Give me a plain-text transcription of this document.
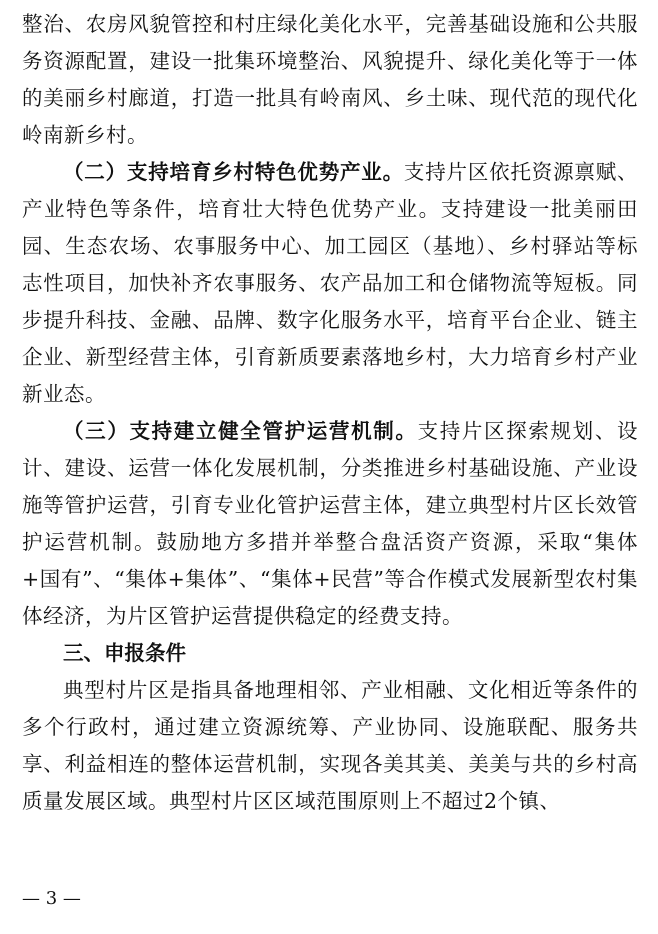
整治、农房风貌管控和村庄绿化美化水平，完善基础设施和公共服务资源配置，建设一批集环境整治、风貌提升、绿化美化等于一体的美丽乡村廊道，打造一批具有岭南风、乡土味、现代范的现代化岭南新乡村。

（二）支持培育乡村特色优势产业。支持片区依托资源禀赋、产业特色等条件，培育壮大特色优势产业。支持建设一批美丽田园、生态农场、农事服务中心、加工园区（基地）、乡村驿站等标志性项目，加快补齐农事服务、农产品加工和仓储物流等短板。同步提升科技、金融、品牌、数字化服务水平，培育平台企业、链主企业、新型经营主体，引育新质要素落地乡村，大力培育乡村产业新业态。

（三）支持建立健全管护运营机制。支持片区探索规划、设计、建设、运营一体化发展机制，分类推进乡村基础设施、产业设施等管护运营，引育专业化管护运营主体，建立典型村片区长效管护运营机制。鼓励地方多措并举整合盘活资产资源，采取“集体+国有”、“集体+集体”、“集体+民营”等合作模式发展新型农村集体经济，为片区管护运营提供稳定的经费支持。

三、申报条件

典型村片区是指具备地理相邻、产业相融、文化相近等条件的多个行政村，通过建立资源统筹、产业协同、设施联配、服务共享、利益相连的整体运营机制，实现各美其美、美美与共的乡村高质量发展区域。典型村片区区域范围原则上不超过2个镇、

— 3 —
